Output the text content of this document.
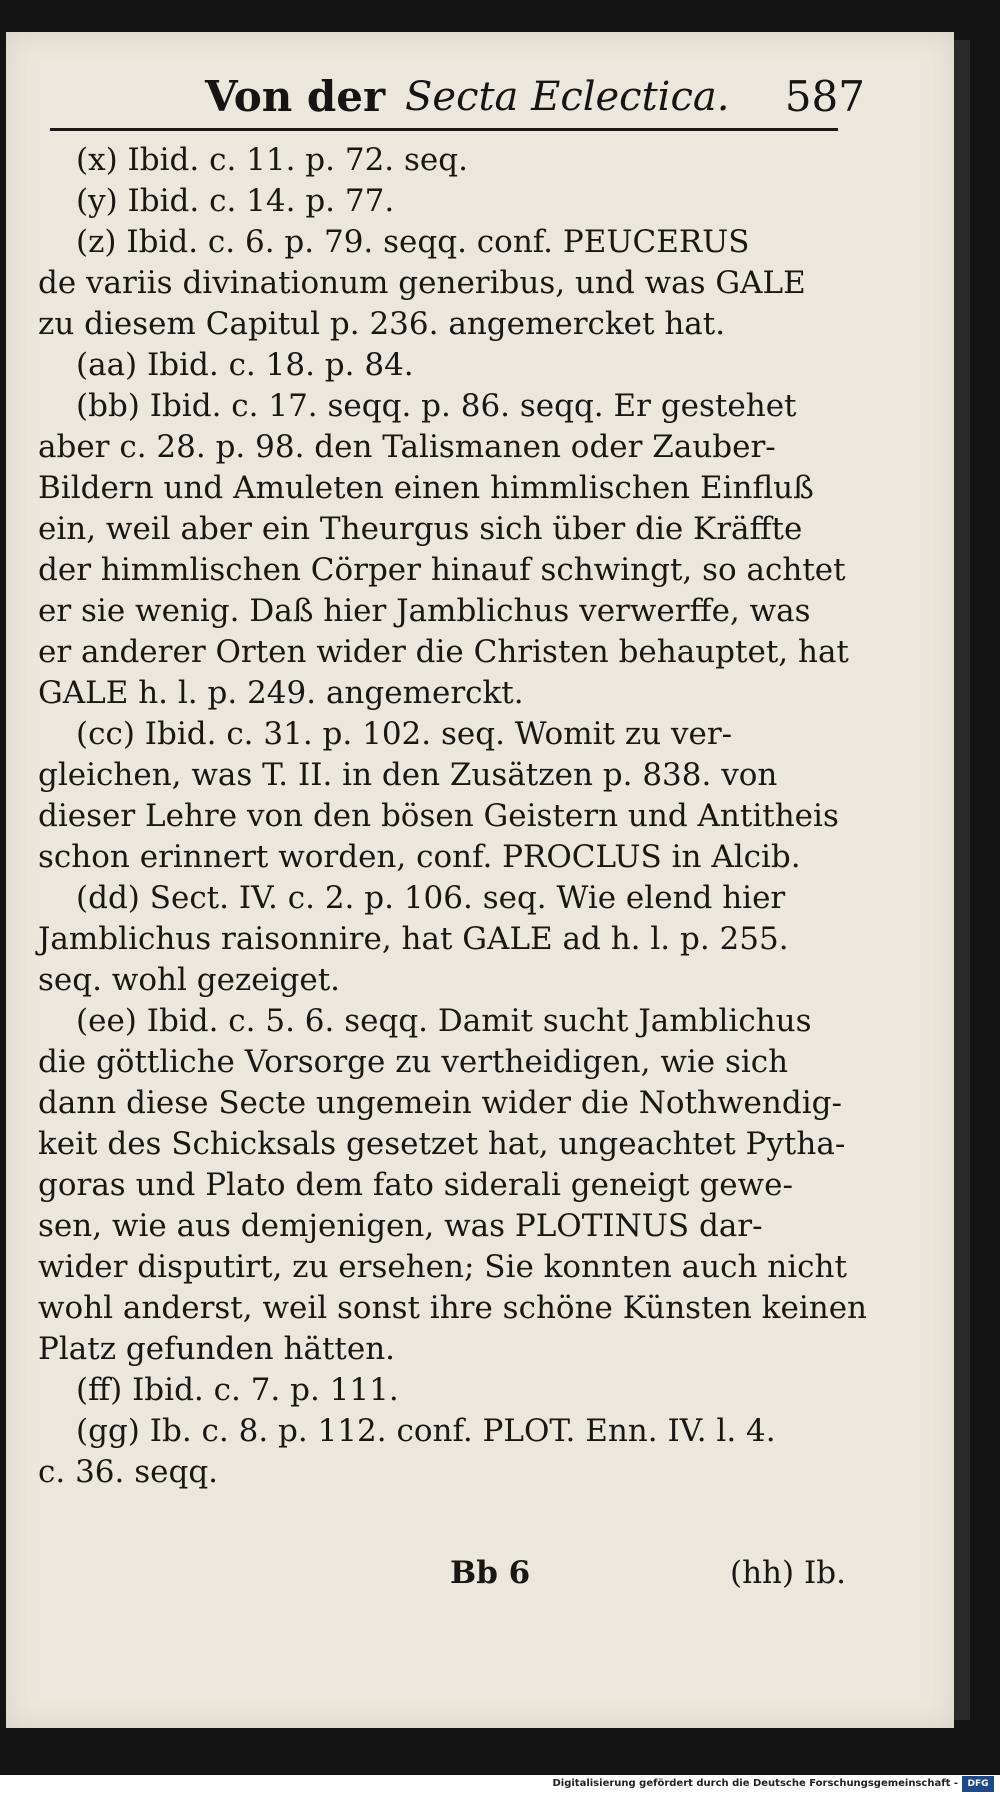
Von der Secta Eclectica. 587
(x) Ibid. c. 11. p. 72. seq.
(y) Ibid. c. 14. p. 77.
(z) Ibid. c. 6. p. 79. seqq. conf. PEUCERUS
de variis divinationum generibus, und was GALE
zu diesem Capitul p. 236. angemercket hat.
(aa) Ibid. c. 18. p. 84.
(bb) Ibid. c. 17. seqq. p. 86. seqq. Er gestehet
aber c. 28. p. 98. den Talismanen oder Zauber-
Bildern und Amuleten einen himmlischen Einfluß
ein, weil aber ein Theurgus sich über die Kräffte
der himmlischen Cörper hinauf schwingt, so achtet
er sie wenig. Daß hier Jamblichus verwerffe, was
er anderer Orten wider die Christen behauptet, hat
GALE h. l. p. 249. angemerckt.
(cc) Ibid. c. 31. p. 102. seq. Womit zu ver-
gleichen, was T. II. in den Zusätzen p. 838. von
dieser Lehre von den bösen Geistern und Antitheis
schon erinnert worden, conf. PROCLUS in Alcib.
(dd) Sect. IV. c. 2. p. 106. seq. Wie elend hier
Jamblichus raisonnire, hat GALE ad h. l. p. 255.
seq. wohl gezeiget.
(ee) Ibid. c. 5. 6. seqq. Damit sucht Jamblichus
die göttliche Vorsorge zu vertheidigen, wie sich
dann diese Secte ungemein wider die Nothwendig-
keit des Schicksals gesetzet hat, ungeachtet Pytha-
goras und Plato dem fato siderali geneigt gewe-
sen, wie aus demjenigen, was PLOTINUS dar-
wider disputirt, zu ersehen; Sie konnten auch nicht
wohl anderst, weil sonst ihre schöne Künsten keinen
Platz gefunden hätten.
(ff) Ibid. c. 7. p. 111.
(gg) Ib. c. 8. p. 112. conf. PLOT. Enn. IV. l. 4.
c. 36. seqq.
Bb 6	(hh) Ib.
Digitalisierung gefördert durch die Deutsche Forschungsgemeinschaft -	DFG
